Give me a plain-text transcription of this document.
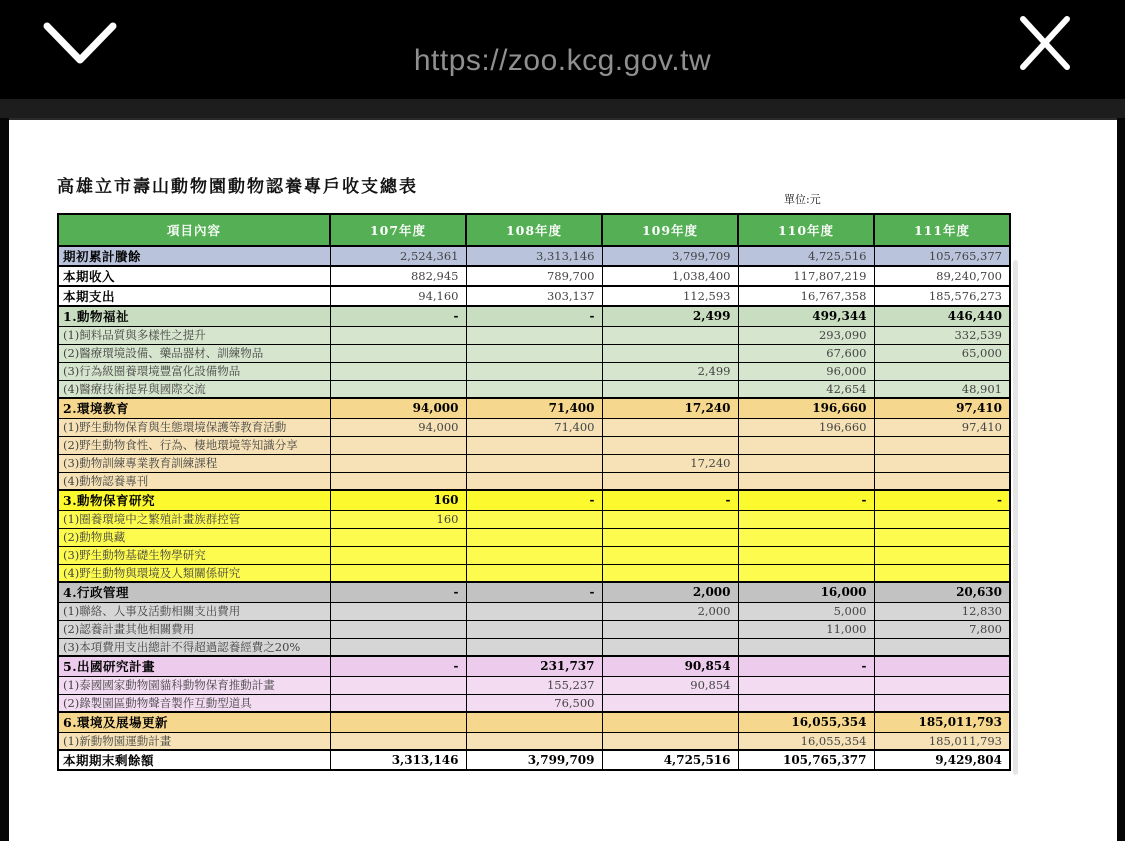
https://zoo.kcg.gov.tw
高雄立市壽山動物園動物認養專戶收支總表
單位:元
項目內容	107年度	108年度	109年度	110年度	111年度
期初累計賸餘	2,524,361	3,313,146	3,799,709	4,725,516	105,765,377
本期收入	882,945	789,700	1,038,400	117,807,219	89,240,700
本期支出	94,160	303,137	112,593	16,767,358	185,576,273
1.動物福祉	-	-	2,499	499,344	446,440
(1)飼料品質與多樣性之提升				293,090	332,539
(2)醫療環境設備、藥品器材、訓練物品				67,600	65,000
(3)行為級圈養環境豐富化設備物品			2,499	96,000	
(4)醫療技術提昇與國際交流				42,654	48,901
2.環境教育	94,000	71,400	17,240	196,660	97,410
(1)野生動物保育與生態環境保護等教育活動	94,000	71,400		196,660	97,410
(2)野生動物食性、行為、棲地環境等知識分享					
(3)動物訓練專業教育訓練課程			17,240		
(4)動物認養專刊					
3.動物保育研究	160	-	-	-	-
(1)圈養環境中之繁殖計畫族群控管	160				
(2)動物典藏					
(3)野生動物基礎生物學研究					
(4)野生動物與環境及人類關係研究					
4.行政管理	-	-	2,000	16,000	20,630
(1)聯絡、人事及活動相關支出費用			2,000	5,000	12,830
(2)認養計畫其他相關費用				11,000	7,800
(3)本項費用支出總計不得超過認養經費之20%					
5.出國研究計畫	-	231,737	90,854	-	
(1)泰國國家動物園貓科動物保育推動計畫		155,237	90,854		
(2)錄製園區動物聲音製作互動型道具		76,500			
6.環境及展場更新				16,055,354	185,011,793
(1)新動物園運動計畫				16,055,354	185,011,793
本期期末剩餘額	3,313,146	3,799,709	4,725,516	105,765,377	9,429,804
